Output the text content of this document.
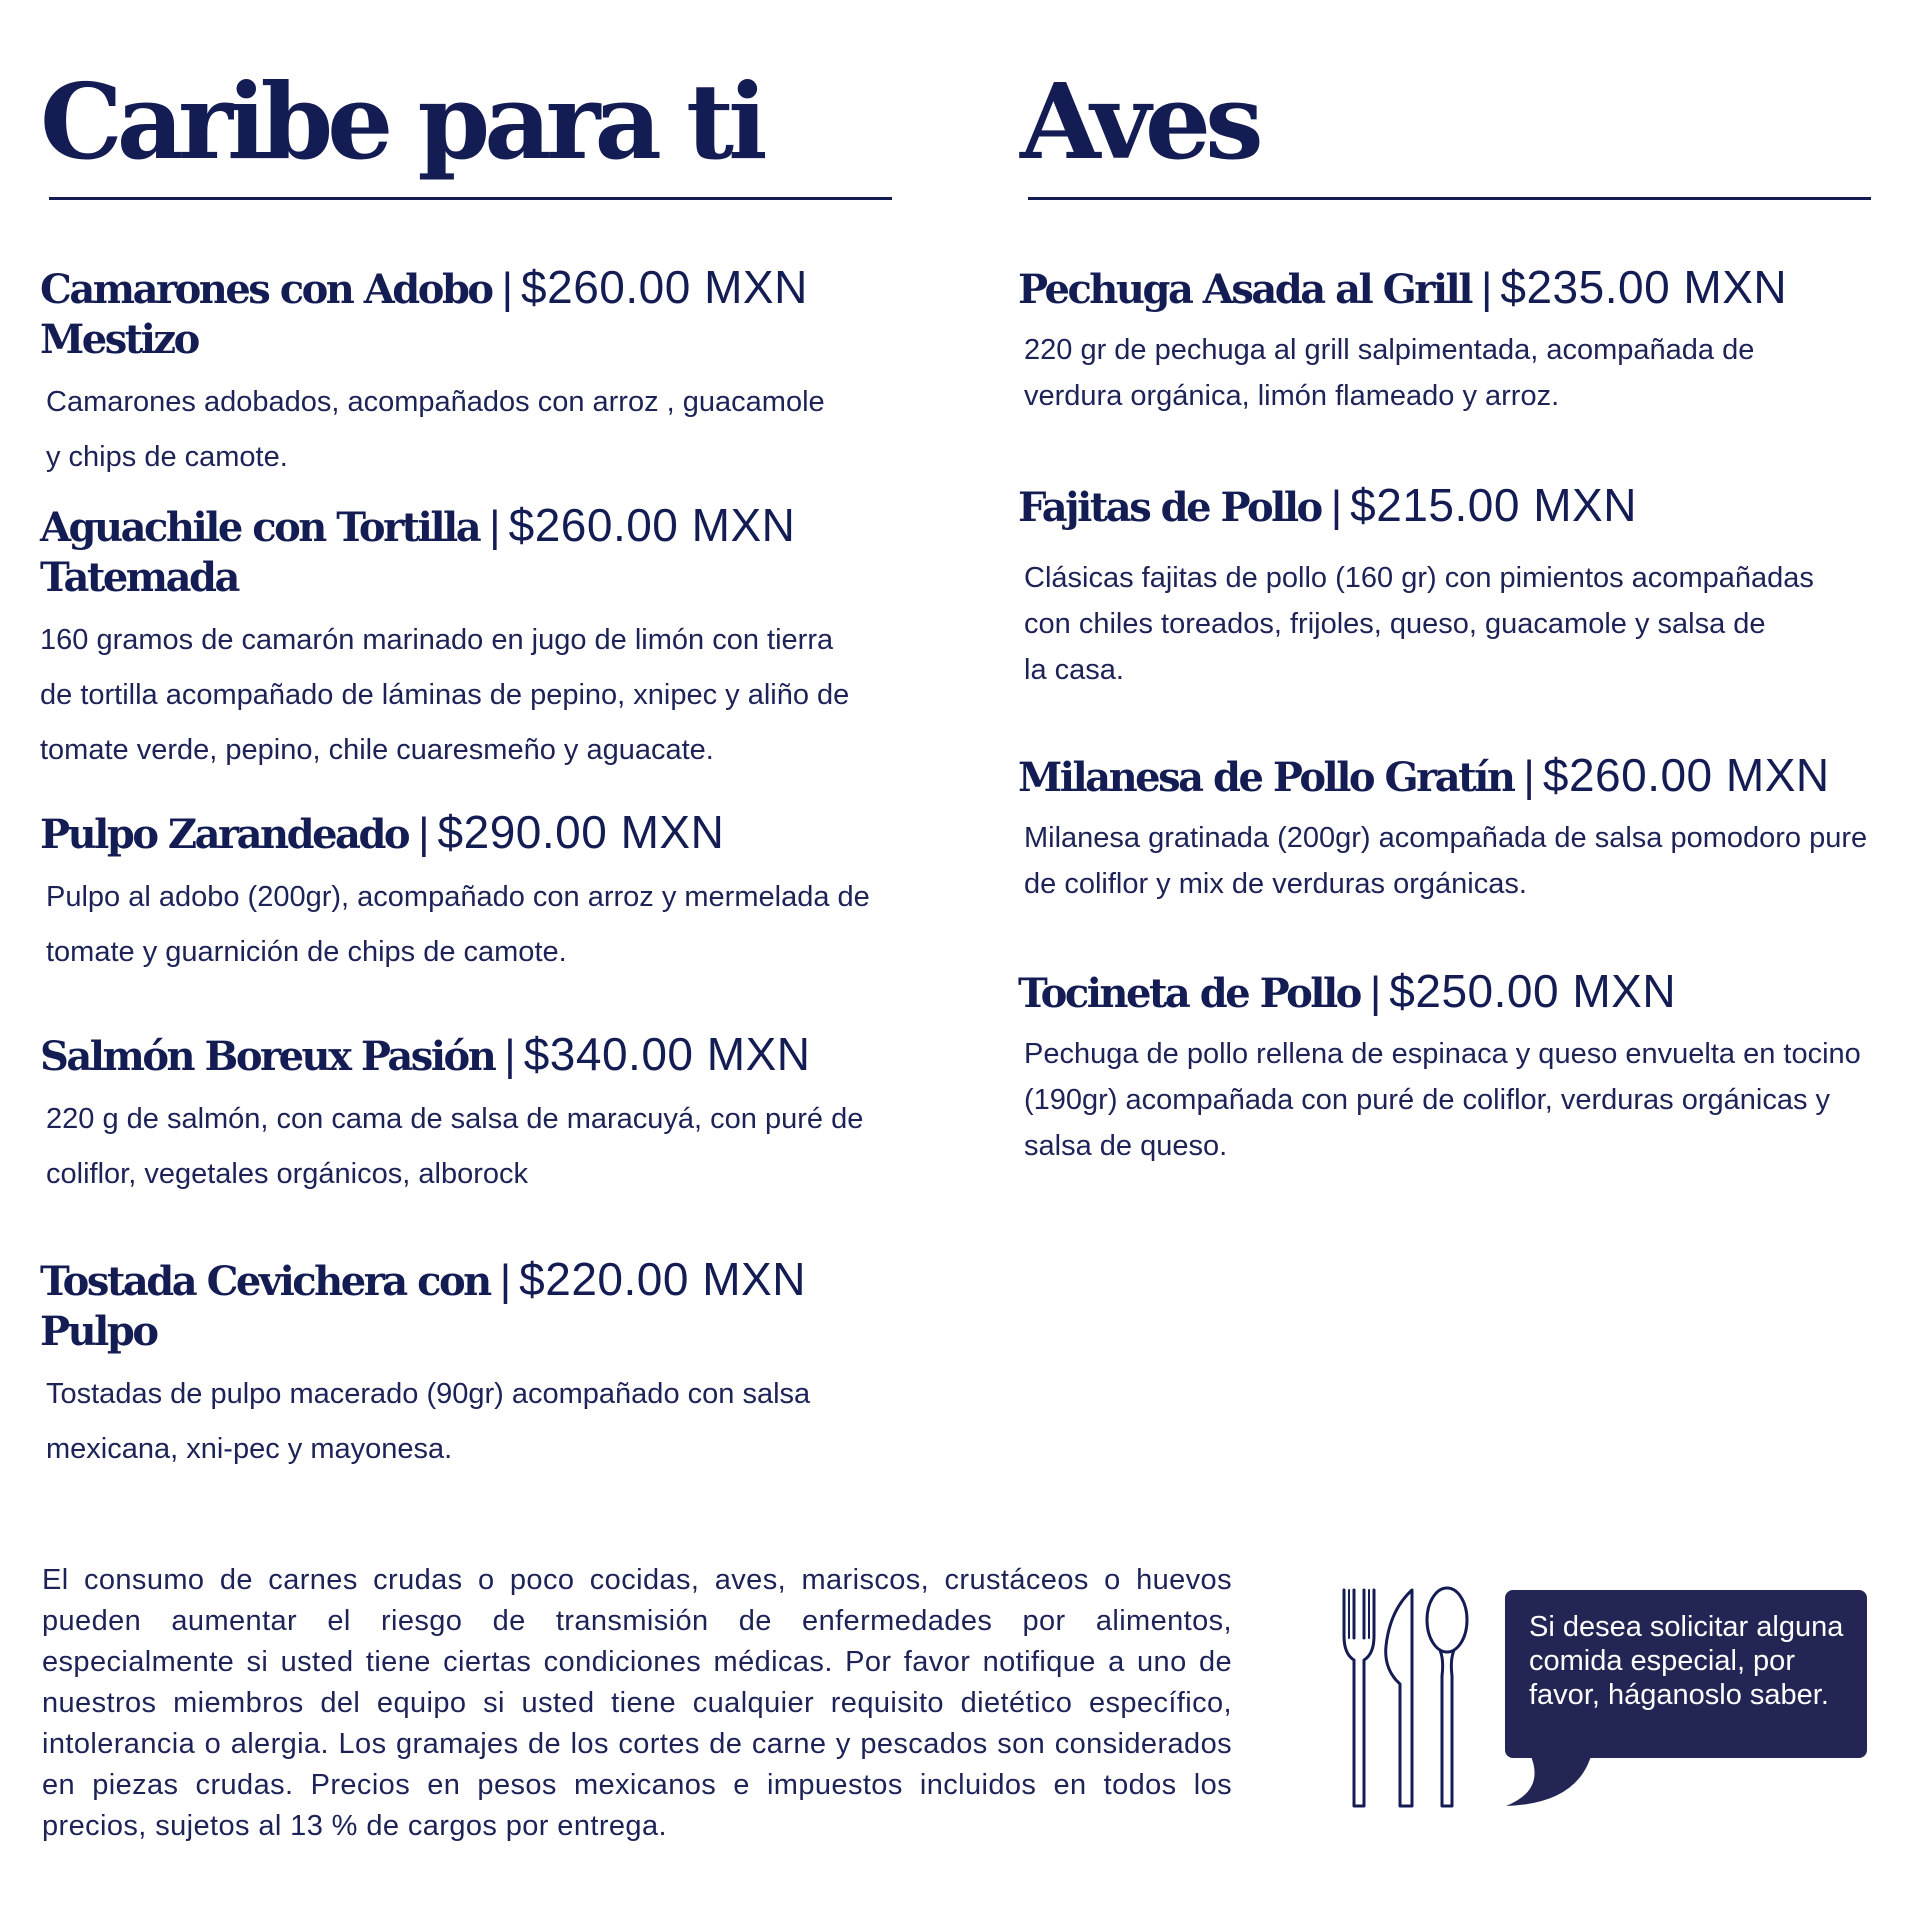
Caribe para ti

Camarones con Adobo | $260.00 MXN
Mestizo

Camarones adobados, acompañados con arroz , guacamole
y chips de camote.

Aguachile con Tortilla | $260.00 MXN
Tatemada

160 gramos de camarón marinado en jugo de limón con tierra
de tortilla acompañado de láminas de pepino, xnipec y aliño de
tomate verde, pepino, chile cuaresmeño y aguacate.

Pulpo Zarandeado | $290.00 MXN

Pulpo al adobo (200gr), acompañado con arroz y mermelada de
tomate y guarnición de chips de camote.

Salmón Boreux Pasión | $340.00 MXN

220 g de salmón, con cama de salsa de maracuyá, con puré de
coliflor, vegetales orgánicos, alborock

Tostada Cevichera con | $220.00 MXN
Pulpo

Tostadas de pulpo macerado (90gr) acompañado con salsa
mexicana, xni-pec y mayonesa.

Aves

Pechuga Asada al Grill | $235.00 MXN

220 gr de pechuga al grill salpimentada, acompañada de
verdura orgánica, limón flameado y arroz.

Fajitas de Pollo | $215.00 MXN

Clásicas fajitas de pollo (160 gr) con pimientos acompañadas
con chiles toreados, frijoles, queso, guacamole y salsa de
la casa.

Milanesa de Pollo Gratín | $260.00 MXN

Milanesa gratinada (200gr) acompañada de salsa pomodoro pure
de coliflor y mix de verduras orgánicas.

Tocineta de Pollo | $250.00 MXN

Pechuga de pollo rellena de espinaca y queso envuelta en tocino
(190gr) acompañada con puré de coliflor, verduras orgánicas y
salsa de queso.

El consumo de carnes crudas o poco cocidas, aves, mariscos, crustáceos o huevos pueden aumentar el riesgo de transmisión de enfermedades por alimentos, especialmente si usted tiene ciertas condiciones médicas. Por favor notifique a uno de nuestros miembros del equipo si usted tiene cualquier requisito dietético específico, intolerancia o alergia. Los gramajes de los cortes de carne y pescados son considerados en piezas crudas. Precios en pesos mexicanos e impuestos incluidos en todos los precios, sujetos al 13 % de cargos por entrega.

Si desea solicitar alguna comida especial, por favor, háganoslo saber.
